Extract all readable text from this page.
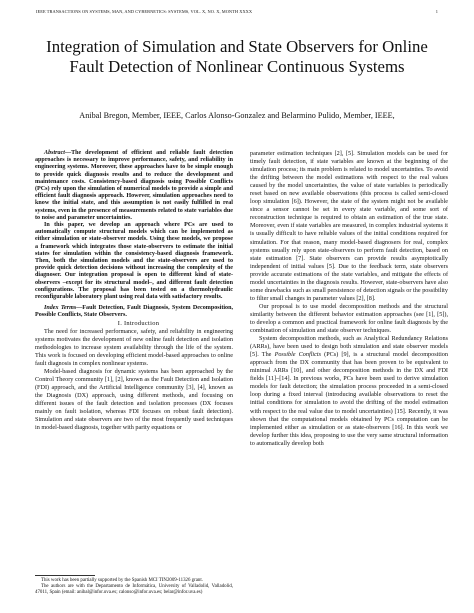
IEEE TRANSACTIONS ON SYSTEMS, MAN, AND CYBERNETICS: SYSTEMS, VOL. X, NO. X, MONTH XXXX	1
Integration of Simulation and State Observers for Online Fault Detection of Nonlinear Continuous Systems
Anibal Bregon, Member, IEEE, Carlos Alonso-Gonzalez and Belarmino Pulido, Member, IEEE,

Abstract—The development of efficient and reliable fault detection approaches is necessary to improve performance, safety, and reliability in engineering systems. Moreover, these approaches have to be simple enough to provide quick diagnosis results and to reduce the development and maintenance costs. Consistency-based diagnosis using Possible Conflicts (PCs) rely upon the simulation of numerical models to provide a simple and efficient fault diagnosis approach. However, simulation approaches need to know the initial state, and this assumption is not easily fulfilled in real systems, even in the presence of measurements related to state variables due to noise and parameter uncertainties.

In this paper, we develop an approach where PCs are used to automatically compute structural models which can be implemented as either simulation or state-observer models. Using these models, we propose a framework which integrates those state-observers to estimate the initial states for simulation within the consistency-based diagnosis framework. Then, both the simulation models and the state-observers are used to provide quick detection decisions without increasing the complexity of the diagnoser. Our integration proposal is open to different kind of state-observers –except for its structural model–, and different fault detection configurations. The proposal has been tested on a thermohydraulic reconfigurable laboratory plant using real data with satisfactory results.

Index Terms—Fault Detection, Fault Diagnosis, System Decomposition, Possible Conflicts, State Observers.

I. Introduction

The need for increased performance, safety, and reliability in engineering systems motivates the development of new online fault detection and isolation methodologies to increase system availability through the life of the system. This work is focused on developing efficient model-based approaches to online fault diagnosis in complex nonlinear systems.

Model-based diagnosis for dynamic systems has been approached by the Control Theory community [1], [2], known as the Fault Detection and Isolation (FDI) approach, and the Artificial Intelligence community [3], [4], known as the Diagnosis (DX) approach, using different methods, and focusing on different issues of the fault detection and isolation processes (DX focuses mainly on fault isolation, whereas FDI focuses on robust fault detection). Simulation and state observers are two of the most frequently used techniques in model-based diagnosis, together with parity equations or

This work has been partially supported by the Spanish MCI TIN2009-11326 grant.

The authors are with the Departamento de Informática, University of Valladolid, Valladolid, 47011, Spain (email: anibal@infor.uva.es; calonso@infor.uva.es; belar@infor.uva.es)

parameter estimation techniques [2], [5]. Simulation models can be used for timely fault detection, if state variables are known at the beginning of the simulation process; its main problem is related to model uncertainties. To avoid the drifting between the model estimations with respect to the real values caused by the model uncertainties, the value of state variables is periodically reset based on new available observations (this process is called semi-closed loop simulation [6]). However, the state of the system might not be available since a sensor cannot be set in every state variable, and some sort of reconstruction technique is required to obtain an estimation of the true state. Moreover, even if state variables are measured, in complex industrial systems it is usually difficult to have reliable values of the initial conditions required for simulation. For that reason, many model-based diagnosers for real, complex systems usually rely upon state-observers to perform fault detection, based on state estimation [7]. State observers can provide results asymptotically independent of initial values [5]. Due to the feedback term, state observers provide accurate estimations of the state variables, and mitigate the effects of model uncertainties in the diagnosis results. However, state-observers have also some drawbacks such as small persistence of detection signals or the possibility to filter small changes in parameter values [2], [8].

Our proposal is to use model decomposition methods and the structural similarity between the different behavior estimation approaches (see [1], [5]), to develop a common and practical framework for online fault diagnosis by the combination of simulation and state observer techniques.

System decomposition methods, such as Analytical Redundancy Relations (ARRs), have been used to design both simulation and state observer models [5]. The Possible Conflicts (PCs) [9], is a structural model decomposition approach from the DX community that has been proven to be equivalent to minimal ARRs [10], and other decomposition methods in the DX and FDI fields [11]–[14]. In previous works, PCs have been used to derive simulation models for fault detection; the simulation process proceeded in a semi-closed loop during a fixed interval (introducing available observations to reset the initial conditions for simulation to avoid the drifting of the model estimation with respect to the real value due to model uncertainties) [15]. Recently, it was shown that the computational models obtained by PCs computation can be implemented either as simulation or as state-observers [16]. In this work we develop further this idea, proposing to use the very same structural information to automatically develop both
